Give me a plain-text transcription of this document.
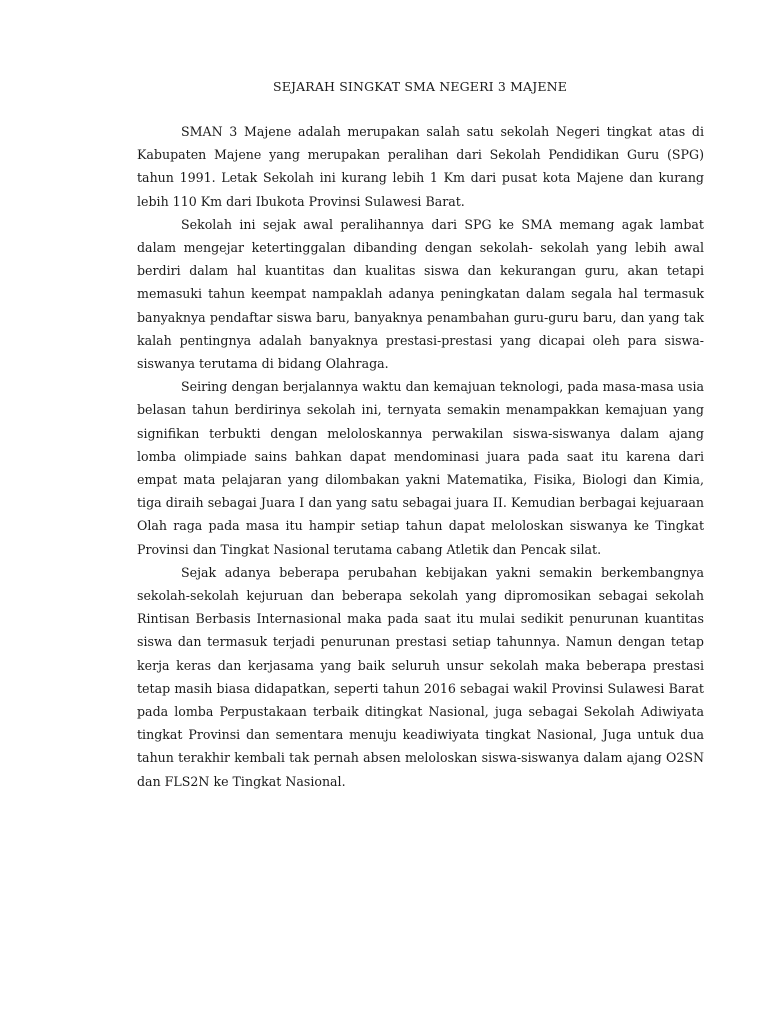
SEJARAH SINGKAT SMA NEGERI 3 MAJENE

SMAN 3 Majene adalah merupakan salah satu sekolah Negeri tingkat atas di Kabupaten Majene yang merupakan peralihan dari Sekolah Pendidikan Guru (SPG) tahun 1991. Letak Sekolah ini kurang lebih 1 Km dari pusat kota Majene dan kurang lebih 110 Km dari Ibukota Provinsi Sulawesi Barat.

Sekolah ini sejak awal peralihannya dari SPG ke SMA memang agak lambat dalam mengejar ketertinggalan dibanding dengan sekolah- sekolah yang lebih awal berdiri dalam hal kuantitas dan kualitas siswa dan kekurangan guru, akan tetapi memasuki tahun keempat nampaklah adanya peningkatan dalam segala hal termasuk banyaknya pendaftar siswa baru, banyaknya penambahan guru-guru baru, dan yang tak kalah pentingnya adalah banyaknya prestasi-prestasi yang dicapai oleh para siswa-siswanya terutama di bidang Olahraga.

Seiring dengan berjalannya waktu dan kemajuan teknologi, pada masa-masa usia belasan tahun berdirinya sekolah ini, ternyata semakin menampakkan kemajuan yang signifikan terbukti dengan meloloskannya perwakilan siswa-siswanya dalam ajang lomba olimpiade sains bahkan dapat mendominasi juara pada saat itu karena dari empat mata pelajaran yang dilombakan yakni Matematika, Fisika, Biologi dan Kimia, tiga diraih sebagai Juara I dan yang satu sebagai juara II. Kemudian berbagai kejuaraan Olah raga pada masa itu hampir setiap tahun dapat meloloskan siswanya ke Tingkat Provinsi dan Tingkat Nasional terutama cabang Atletik dan Pencak silat.

Sejak adanya beberapa perubahan kebijakan yakni semakin berkembangnya sekolah-sekolah kejuruan dan beberapa sekolah yang dipromosikan sebagai sekolah Rintisan Berbasis Internasional maka pada saat itu mulai sedikit penurunan kuantitas siswa dan termasuk terjadi penurunan prestasi setiap tahunnya. Namun dengan tetap kerja keras dan kerjasama yang baik seluruh unsur sekolah maka beberapa prestasi tetap masih biasa didapatkan, seperti tahun 2016 sebagai wakil Provinsi Sulawesi Barat pada lomba Perpustakaan terbaik ditingkat Nasional, juga sebagai Sekolah Adiwiyata tingkat Provinsi dan sementara menuju keadiwiyata tingkat Nasional, Juga untuk dua tahun terakhir kembali tak pernah absen meloloskan siswa-siswanya dalam ajang O2SN dan FLS2N ke Tingkat Nasional.
